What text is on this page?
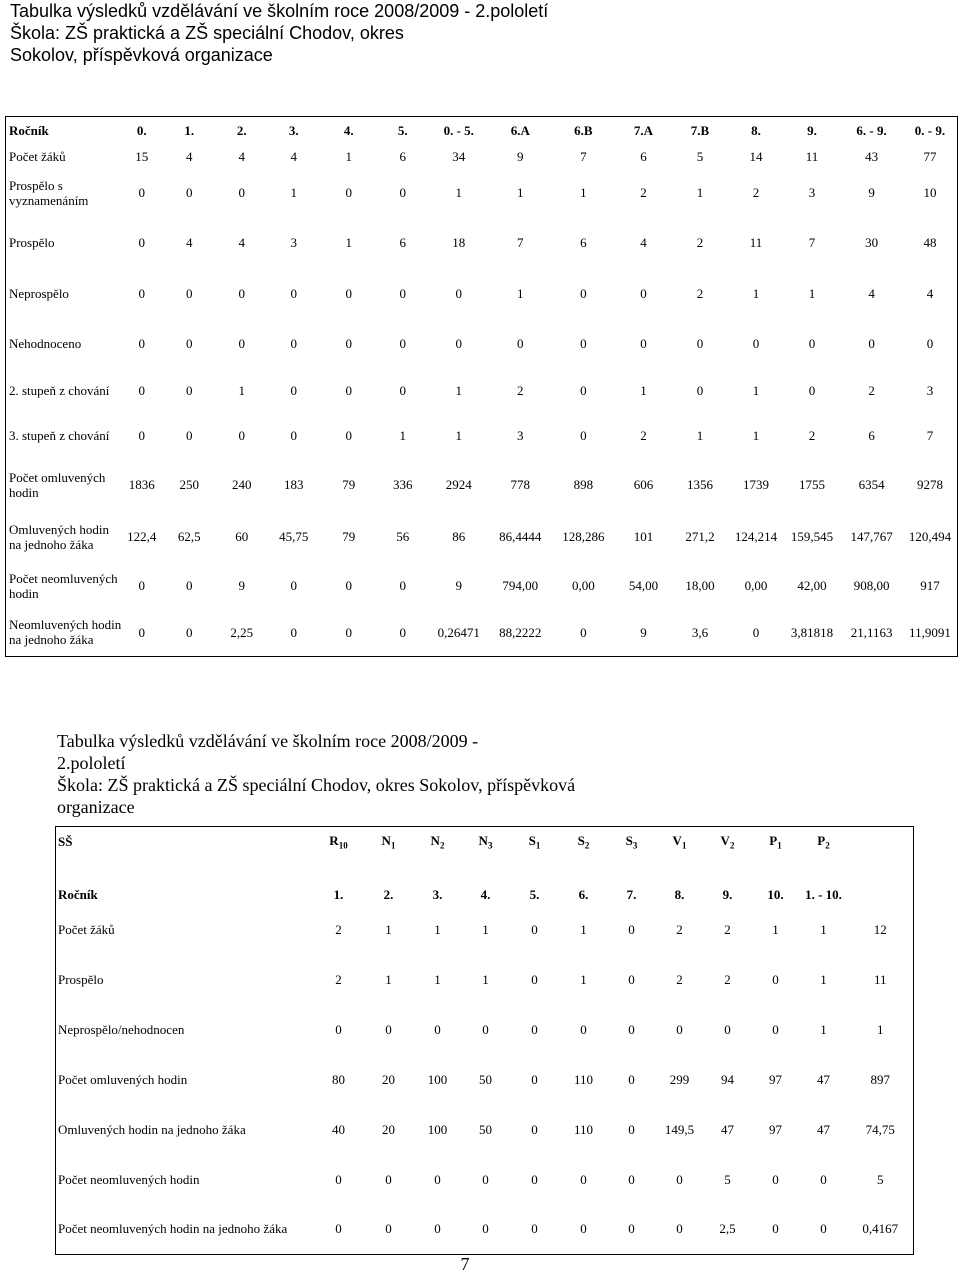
Tabulka výsledků vzdělávání ve školním roce 2008/2009 - 2.pololetí
Škola: ZŠ praktická a ZŠ speciální Chodov, okres
Sokolov, příspěvková organizace
Ročník	0.	1.	2.	3.	4.	5.	0. - 5.	6.A	6.B	7.A	7.B	8.	9.	6. - 9.	0. - 9.
Počet žáků	15	4	4	4	1	6	34	9	7	6	5	14	11	43	77
Prospělo s vyznamenáním	0	0	0	1	0	0	1	1	1	2	1	2	3	9	10
Prospělo	0	4	4	3	1	6	18	7	6	4	2	11	7	30	48
Neprospělo	0	0	0	0	0	0	0	1	0	0	2	1	1	4	4
Nehodnoceno	0	0	0	0	0	0	0	0	0	0	0	0	0	0	0
2. stupeň z chování	0	0	1	0	0	0	1	2	0	1	0	1	0	2	3
3. stupeň z chování	0	0	0	0	0	1	1	3	0	2	1	1	2	6	7
Počet omluvených hodin	1836	250	240	183	79	336	2924	778	898	606	1356	1739	1755	6354	9278
Omluvených hodin na jednoho žáka	122,4	62,5	60	45,75	79	56	86	86,4444	128,286	101	271,2	124,214	159,545	147,767	120,494
Počet neomluvených hodin	0	0	9	0	0	0	9	794,00	0,00	54,00	18,00	0,00	42,00	908,00	917
Neomluvených hodin na jednoho žáka	0	0	2,25	0	0	0	0,26471	88,2222	0	9	3,6	0	3,81818	21,1163	11,9091
Tabulka výsledků vzdělávání ve školním roce 2008/2009 -
2.pololetí
Škola: ZŠ praktická a ZŠ speciální Chodov, okres Sokolov, příspěvková
organizace
SŠ	$R_{10}$	$N_1$	$N_2$	$N_3$	$S_1$	$S_2$	$S_3$	$V_1$	$V_2$	$P_1$	$P_2$	
Ročník	1.	2.	3.	4.	5.	6.	7.	8.	9.	10.	1. - 10.	
Počet žáků	2	1	1	1	0	1	0	2	2	1	1	12
Prospělo	2	1	1	1	0	1	0	2	2	0	1	11
Neprospělo/nehodnocen	0	0	0	0	0	0	0	0	0	0	1	1
Počet omluvených hodin	80	20	100	50	0	110	0	299	94	97	47	897
Omluvených hodin na jednoho žáka	40	20	100	50	0	110	0	149,5	47	97	47	74,75
Počet neomluvených hodin	0	0	0	0	0	0	0	0	5	0	0	5
Počet neomluvených hodin na jednoho žáka	0	0	0	0	0	0	0	0	2,5	0	0	0,4167
7
